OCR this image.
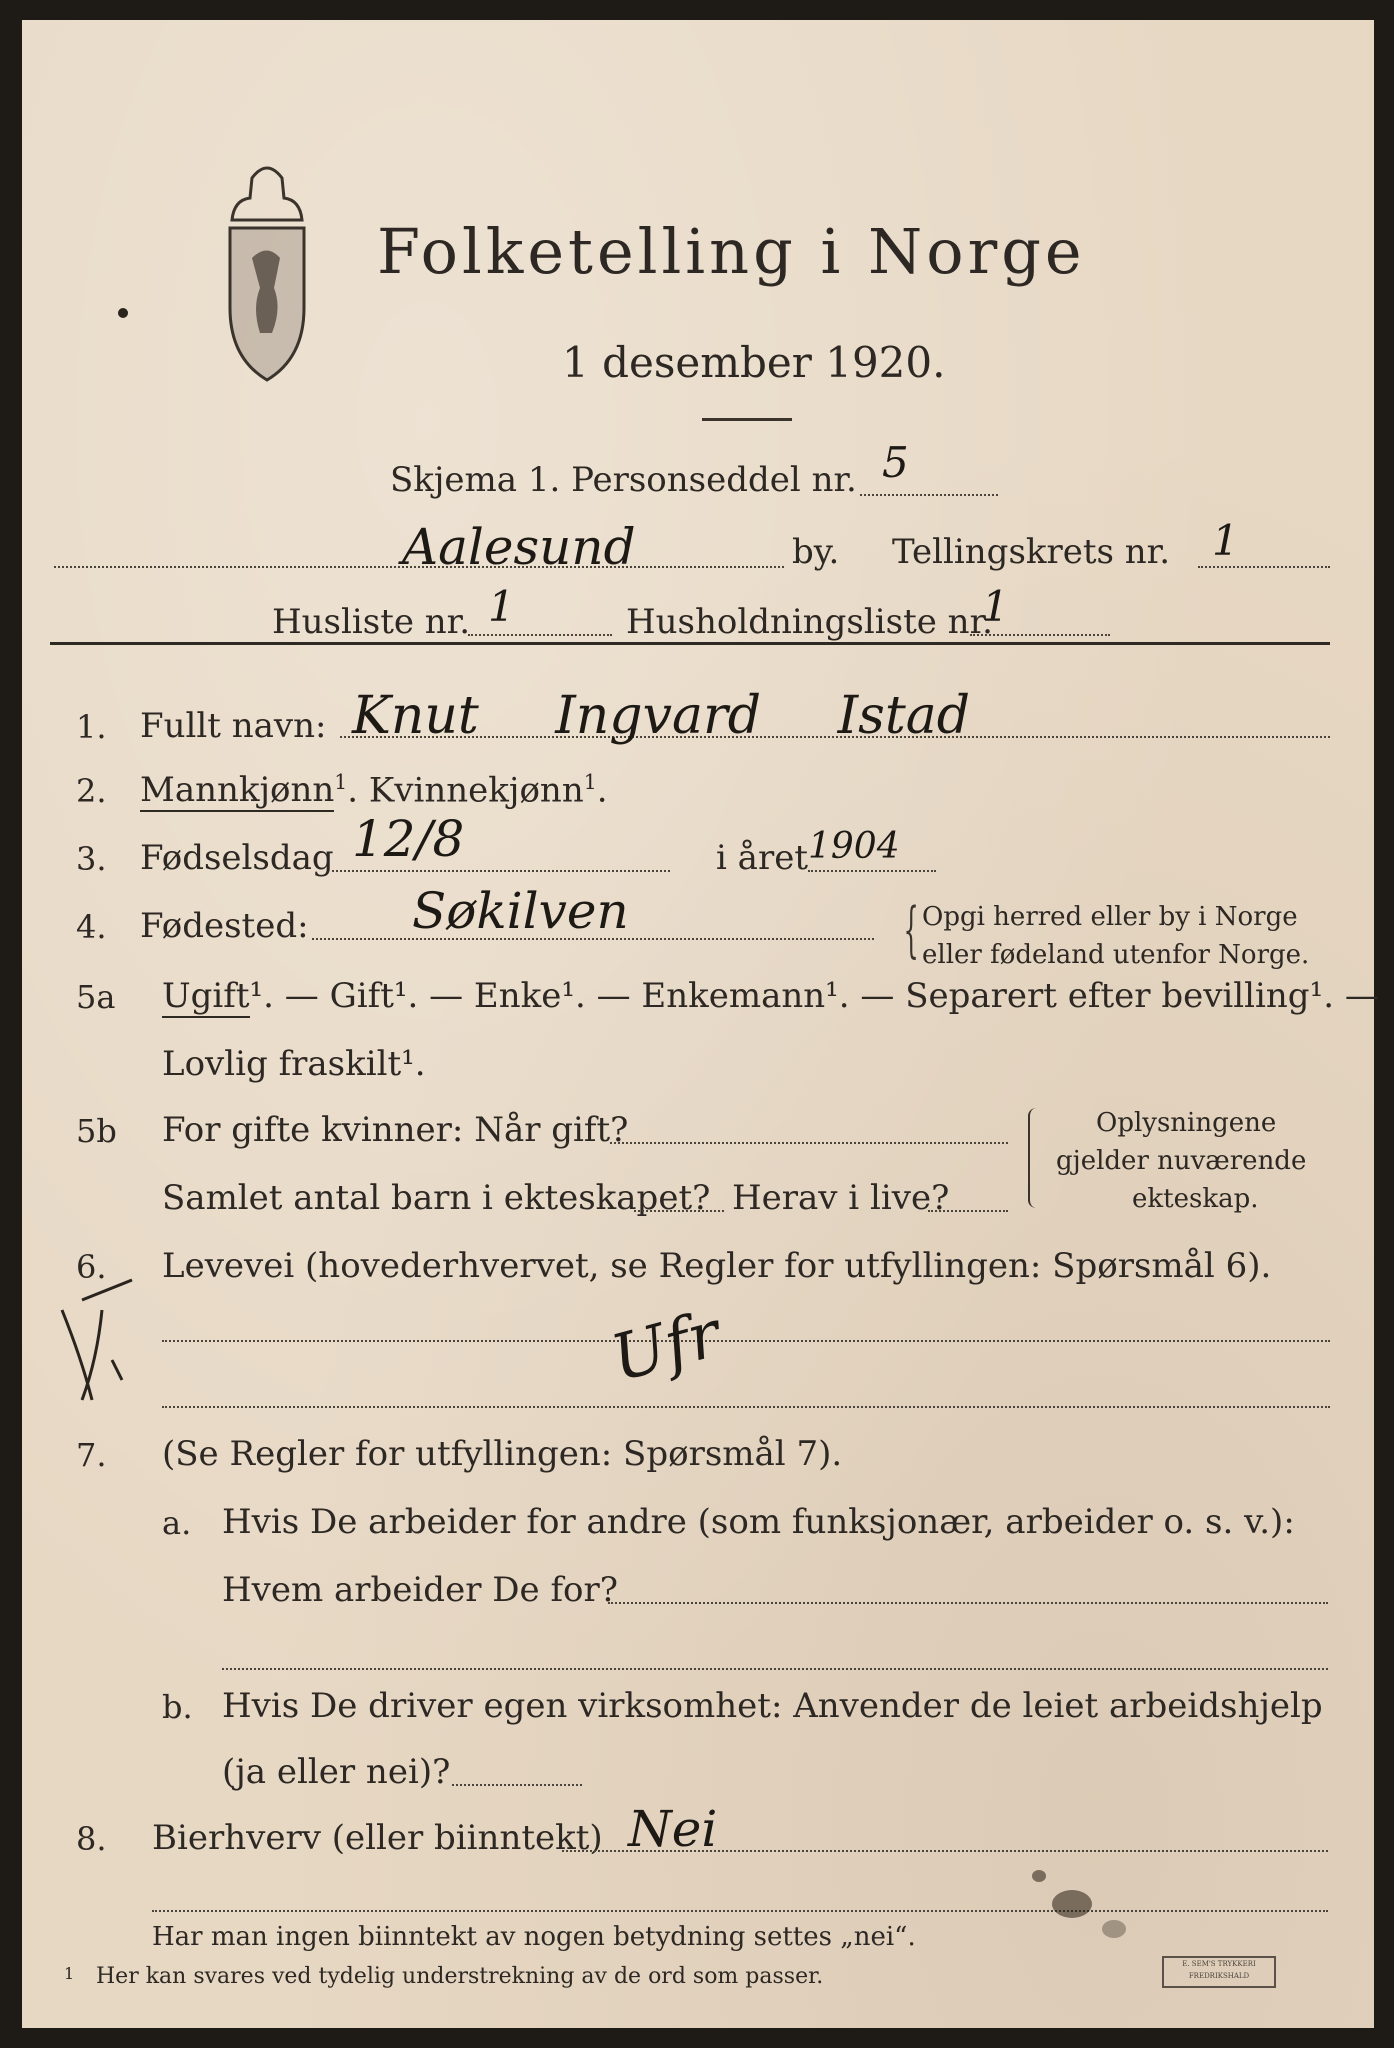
Folketelling i Norge
1 desember 1920.
Skjema 1. Personseddel nr. 5
Aalesund	by. Tellingskrets nr. 1
Husliste nr. 1	Husholdningsliste nr.
1
1. Fullt navn: Knut Ingvard Istad
2. Mannkjønn$^1$. Kvinnekjønn$^1$.
3. Fødselsdag 12/8	i året 1904
4. Fødested: Søkilven	{ Opgi herred eller by i Norge
eller fødeland utenfor Norge.
5a Ugift¹. — Gift¹. — Enke¹. — Enkemann¹. — Separert efter bevilling¹. —
Lovlig fraskilt¹.
5b For gifte kvinner: Når gift?
Samlet antal barn i ekteskapet? Herav i live?
Oplysningene
gjelder nuværende
ekteskap.
6. Levevei (hovederhvervet, se Regler for utfyllingen: Spørsmål 6).
Ufr
7. (Se Regler for utfyllingen: Spørsmål 7).
a. Hvis De arbeider for andre (som funksjonær, arbeider o. s. v.):
Hvem arbeider De for?
b. Hvis De driver egen virksomhet: Anvender de leiet arbeidshjelp
(ja eller nei)?
8. Bierhverv (eller biinntekt) Nei
Har man ingen biinntekt av nogen betydning settes „nei“.
1 Her kan svares ved tydelig understrekning av de ord som passer.	E. SEM'S TRYKKERI FREDRIKSHALD
